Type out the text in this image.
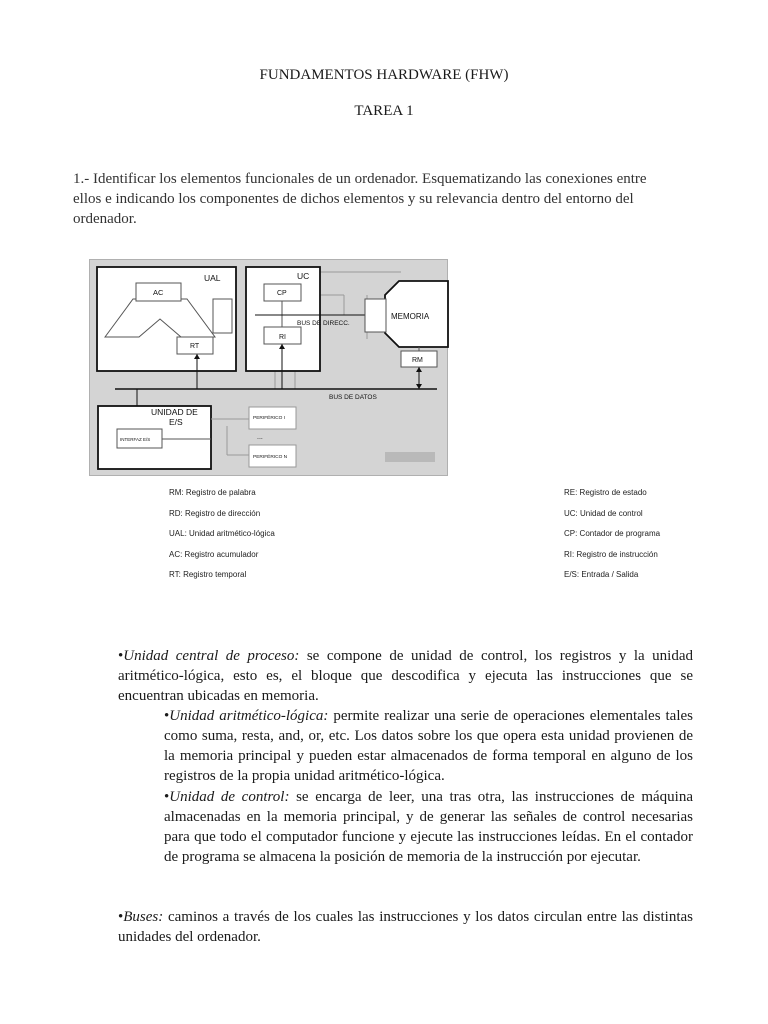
FUNDAMENTOS HARDWARE (FHW)
TAREA 1
1.- Identificar los elementos funcionales de un ordenador. Esquematizando las conexiones entre ellos e indicando los componentes de dichos elementos y su relevancia dentro del entorno del ordenador.
UAL
AC
RT
UC
CP
RI
BUS DE DIRECC.
MEMORIA
RM
BUS DE DATOS
UNIDAD DE
E/S
INTERFAZ E/S
PERIFÉRICO I
...
PERIFÉRICO N
RM: Registro de palabra
RD: Registro de dirección
UAL: Unidad aritmético-lógica
AC: Registro acumulador
RT: Registro temporal
RE: Registro de estado
UC: Unidad de control
CP: Contador de programa
RI: Registro de instrucción
E/S: Entrada / Salida

•Unidad central de proceso: se compone de unidad de control, los registros y la unidad aritmético-lógica, esto es, el bloque que descodifica y ejecuta las instrucciones que se encuentran ubicadas en memoria.

•Unidad aritmético-lógica: permite realizar una serie de operaciones elementales tales como suma, resta, and, or, etc. Los datos sobre los que opera esta unidad provienen de la memoria principal y pueden estar almacenados de forma temporal en alguno de los registros de la propia unidad aritmético-lógica.

•Unidad de control: se encarga de leer, una tras otra, las instrucciones de máquina almacenadas en la memoria principal, y de generar las señales de control necesarias para que todo el computador funcione y ejecute las instrucciones leídas. En el contador de programa se almacena la posición de memoria de la instrucción por ejecutar.

•Buses: caminos a través de los cuales las instrucciones y los datos circulan entre las distintas unidades del ordenador.
